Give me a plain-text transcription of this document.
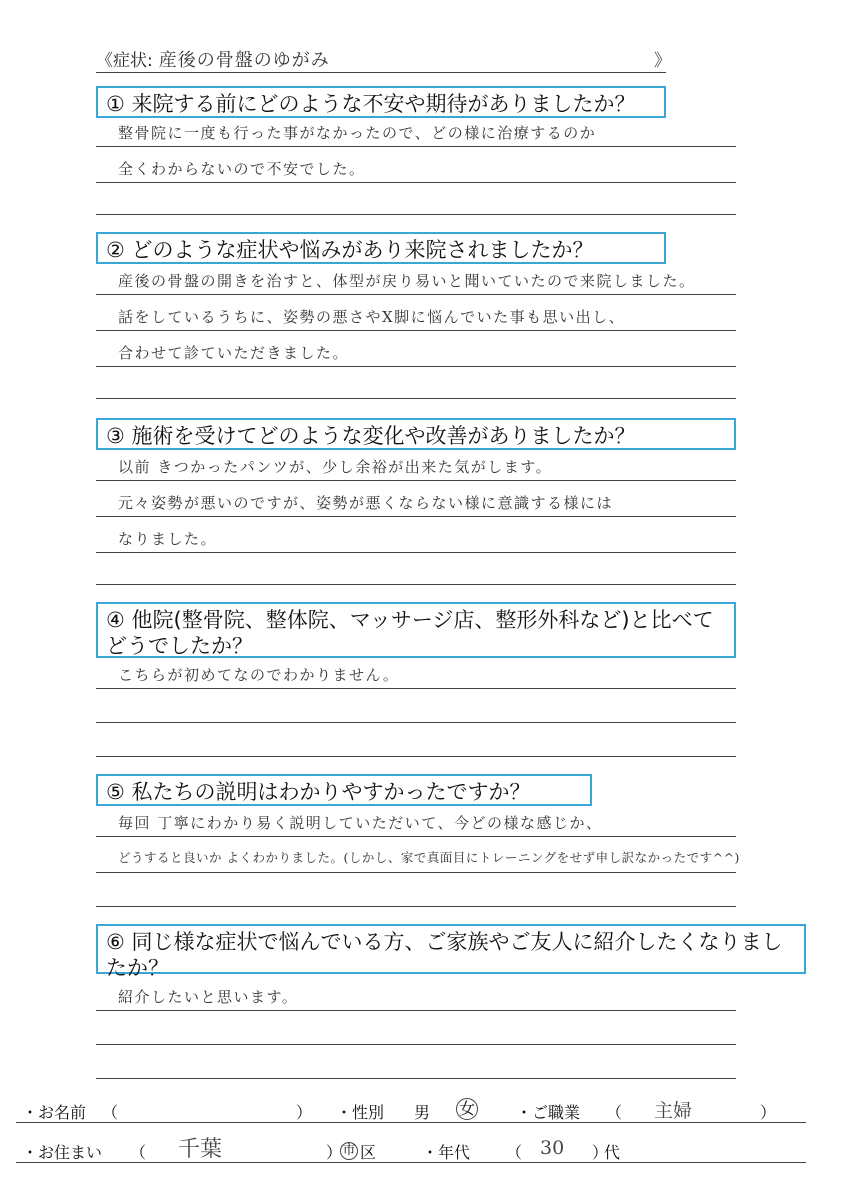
《症状: 産後の骨盤のゆがみ	》
① 来院する前にどのような不安や期待がありましたか？
整骨院に一度も行った事がなかったので、どの様に治療するのか
全くわからないので不安でした。
② どのような症状や悩みがあり来院されましたか？
産後の骨盤の開きを治すと、体型が戻り易いと聞いていたので来院しました。
話をしているうちに、姿勢の悪さやX脚に悩んでいた事も思い出し、
合わせて診ていただきました。
③ 施術を受けてどのような変化や改善がありましたか？
以前 きつかったパンツが、少し余裕が出来た気がします。
元々姿勢が悪いのですが、姿勢が悪くならない様に意識する様には
なりました。
④ 他院(整骨院、整体院、マッサージ店、整形外科など)と比べてどうでしたか？
こちらが初めてなのでわかりません。
⑤ 私たちの説明はわかりやすかったですか？
毎回 丁寧にわかり易く説明していただいて、今どの様な感じか、
どうすると良いか よくわかりました。(しかし、家で真面目にトレーニングをせず申し訳なかったです^^)
⑥ 同じ様な症状で悩んでいる方、ご家族やご友人に紹介したくなりましたか？
紹介したいと思います。
・お名前 （	） ・性別 男 女	・ご職業 （ 主婦	）
・お住まい （ 千葉	） 市 区	・年代 （ 30 ）
代
